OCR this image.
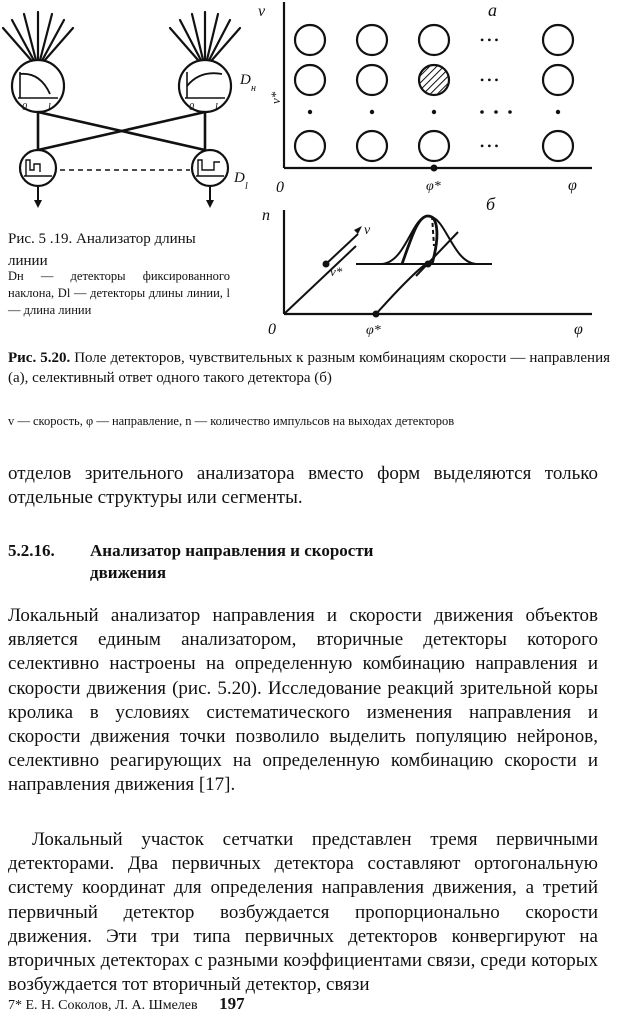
0 l	0 l
D
н
D
l
v
v*
а
• • •
• • •
• • •
0	φ*	φ
n
б
v
v*
0	φ*	φ
Рис. 5 .19. Анализатор длины линии
Dн — детекторы фиксированного наклона, Dl — детекторы длины линии, l — длина линии
Рис. 5.20. Поле детекторов, чувствительных к разным комбинациям скорости — направления (а), селективный ответ одного такого детектора (б)
v — скорость, φ — направление, n — количество импульсов на выходах детекторов
отделов зрительного анализатора вместо форм выделяются только отдельные структуры или сегменты.
5.2.16. Анализатор направления и скорости
движения
Локальный анализатор направления и скорости движения объектов является единым анализатором, вторичные детекторы которого селективно настроены на определенную комбинацию направления и скорости движения (рис. 5.20). Исследование реакций зрительной коры кролика в условиях систематического изменения направления и скорости движения точки позволило выделить популяцию нейронов, селективно реагирующих на определенную комбинацию скорости и направления движения [17].
Локальный участок сетчатки представлен тремя первичными детекторами. Два первичных детектора составляют ортогональную систему координат для определения направления движения, а третий первичный детектор возбуждается пропорционально скорости движения. Эти три типа первичных детекторов конвергируют на вторичных детекторах с разными коэффициентами связи, среди которых возбуждается тот вторичный детектор, связи
7* Е. Н. Соколов, Л. А. Шмелев 197
